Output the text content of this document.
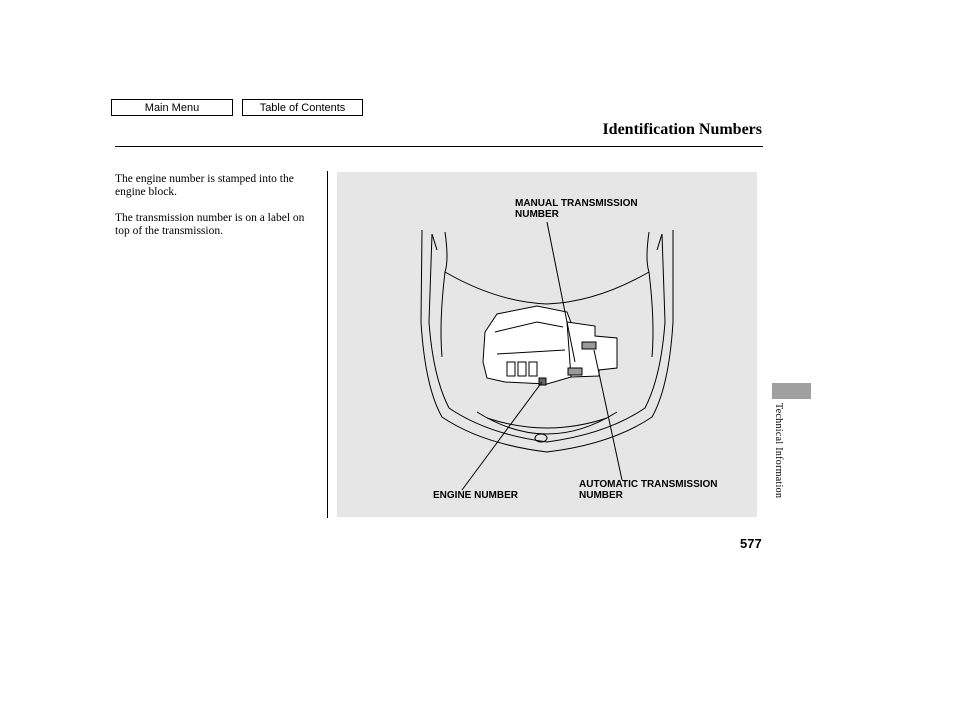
Main Menu	Table of Contents
Identification Numbers
The engine number is stamped into the engine block.
The transmission number is on a label on top of the transmission.
MANUAL TRANSMISSION
NUMBER
ENGINE NUMBER
AUTOMATIC TRANSMISSION
NUMBER	Technical Information
577
